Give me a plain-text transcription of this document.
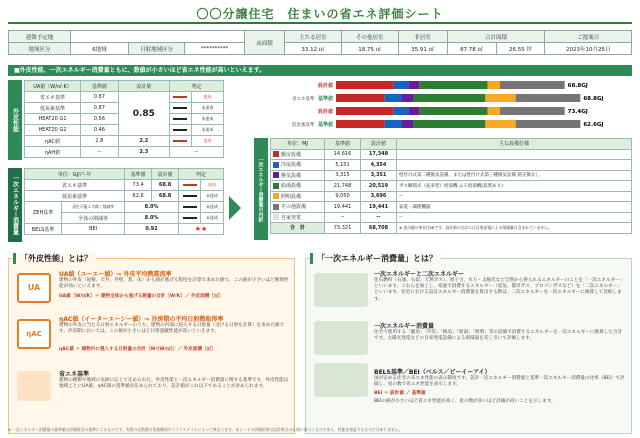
〇〇分譲住宅　住まいの省エネ評価シート
建築予定地				床面積	主たる居室	その他居室	非居室	合計面積		ご提案日
地域区分	6地域	日射地域区分	**********		33.12 ㎡	18.75 ㎡	35.91 ㎡	87.78 ㎡	26.55 坪	2023年10月25日
■外皮性能、一次エネルギー消費量ともに、数値が小さいほど省エネ性能が高いといえます。
外皮性能
UA値（W/㎡·K）	基準値	設計値	判定	
省エネ基準	0.87	0.85		達成
低炭素基準	0.87			未達成
HEAT20 G1	0.56			未達成
HEAT20 G2	0.46			未達成
ηAC値	2.8	2.2		達成
ηAH値	--	2.3	--	
一次エネルギー消費量
単位：GJ/戸·年		基準値	設計値	判定	
省エネ基準		73.4	68.8		達成
低炭素基準		62.6	68.8		未達成
ZEH基準	再生可能エネ除く削減率	8.0%			未達成
	全体の削減率	8.0%			未達成
BELS基準	BEI	0.92		★★	
設計値	68.8GJ
省エネ基準 基準値	68.8GJ
設計値	73.4GJ
低炭素基準 基準値	62.6GJ
一次エネルギー消費量の内訳
単位：MJ	基準値	設計値	主な設備仕様
暖房設備	14,616	17,348	
冷房設備	5,151	4,354	
換気設備	3,315	3,351	壁付け式第二種換気設備、または壁付け式第三種換気設備 熱交換なし
給湯設備	21,748	20,519	ガス瞬間式（従来型）給湯機 ふろ給湯機(追焚あり)
照明設備	9,050	3,696	--
その他設備	19,441	19,441	家電・調理機器
自家発電	--	--	--
合　計	73,321	68,708	※ 表示値の単位はMJです。設計値の合計には自家発電による削減量は含まれていません。
「外皮性能」とは？
UA
UA値（ユーエー値）⇒ 外皮平均熱貫流率
建物の外皮（屋根、天井、外壁、窓、床）から熱が逃げる程度を計算で求めた値で、この値が小さいほど断熱性能が高いといえます。
UA値［W/㎡K］＝ 建物全体から逃げる熱量の合計［W/K］／ 外皮面積［㎡］
ηAC
ηAC値（イーターエーシー値）⇒ 冷房期の平均日射熱取得率
建物の外皮に当たる日射エネルギーのうち、建物の内部に侵入する日射量（受ける日射を計算）を求めた値です。冷房期においては、この値が小さいほど日射遮蔽性能が高いといえます。
ηAC値 ＝ 建物内に侵入する日射量の合計［W/(W/㎡)］／ 外皮面積［㎡］
省エネ基準
建物の種類や地域の気候に応じて定められた、外皮性能と一次エネルギー消費量に関する基準です。外皮性能は地域ごとにUA値、ηAC値の基準値が定められており、設計値がこれ以下であることが求められます。
「一次エネルギー消費量」とは？
一次エネルギーと二次エネルギー
化石燃料（石油、石炭、天然ガス）、原子力、水力・太陽光など自然から得られるエネルギーのことを「一次エネルギー」といいます。これらを加工し、家庭で消費するエネルギー（電気、都市ガス、プロパンガスなど）を「二次エネルギー」といいます。住宅における設計エネルギー消費量を算出する際は、二次エネルギーを一次エネルギーに換算して比較します。
一次エネルギー消費量
住宅で使用する「暖房」「冷房」「換気」「給湯」「照明」等の設備で消費するエネルギーを一次エネルギーに換算した合計です。太陽光発電などの自家発電設備による削減量を差し引いて評価します。
BELS基準／BEI（ベルス／ビーイーアイ）
国が定める住宅の省エネ性能の表示制度です。設計一次エネルギー消費量と基準一次エネルギー消費量の比率（BEI）で評価し、星の数で省エネ性能を表示します。
BEI ＝ 設計値 ／ 基準値
BEIの値が小さいほど省エネ性能が高く、星の数が多いほど評価が高いことを示します。
※ 一次エネルギー消費量の基準値は評価時点の基準によるものです。実際の光熱費は家族構成やライフスタイルによって異なります。本シートの評価結果は設計時点の仕様に基づくものであり、性能を保証するものではありません。
